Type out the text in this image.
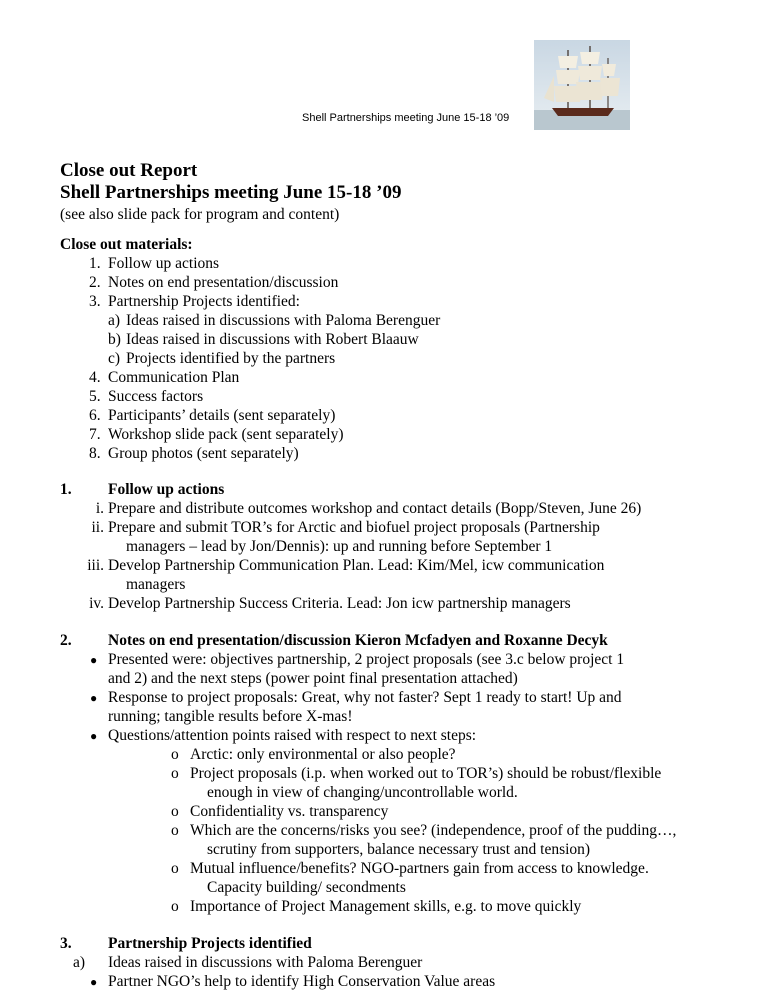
Shell Partnerships meeting June 15-18 ’09
Close out Report
Shell Partnerships meeting June 15-18 ’09
(see also slide pack for program and content)
Close out materials:
1. Follow up actions
2. Notes on end presentation/discussion
3. Partnership Projects identified:
a) Ideas raised in discussions with Paloma Berenguer
b) Ideas raised in discussions with Robert Blaauw
c) Projects identified by the partners
4. Communication Plan
5. Success factors
6. Participants’ details (sent separately)
7. Workshop slide pack (sent separately)
8. Group photos (sent separately)
1. Follow up actions
i. Prepare and distribute outcomes workshop and contact details (Bopp/Steven, June 26)
ii. Prepare and submit TOR’s for Arctic and biofuel project proposals (Partnership
managers – lead by Jon/Dennis): up and running before September 1
iii. Develop Partnership Communication Plan. Lead: Kim/Mel, icw communication
managers
iv. Develop Partnership Success Criteria. Lead: Jon icw partnership managers
2. Notes on end presentation/discussion Kieron Mcfadyen and Roxanne Decyk
● Presented were: objectives partnership, 2 project proposals (see 3.c below project 1
and 2) and the next steps (power point final presentation attached)
● Response to project proposals: Great, why not faster? Sept 1 ready to start! Up and
running; tangible results before X-mas!
● Questions/attention points raised with respect to next steps:
o Arctic: only environmental or also people?
o Project proposals (i.p. when worked out to TOR’s) should be robust/flexible
enough in view of changing/uncontrollable world.
o Confidentiality vs. transparency
o Which are the concerns/risks you see? (independence, proof of the pudding…,
scrutiny from supporters, balance necessary trust and tension)
o Mutual influence/benefits? NGO-partners gain from access to knowledge.
Capacity building/ secondments
o Importance of Project Management skills, e.g. to move quickly
3. Partnership Projects identified
a) Ideas raised in discussions with Paloma Berenguer
● Partner NGO’s help to identify High Conservation Value areas
